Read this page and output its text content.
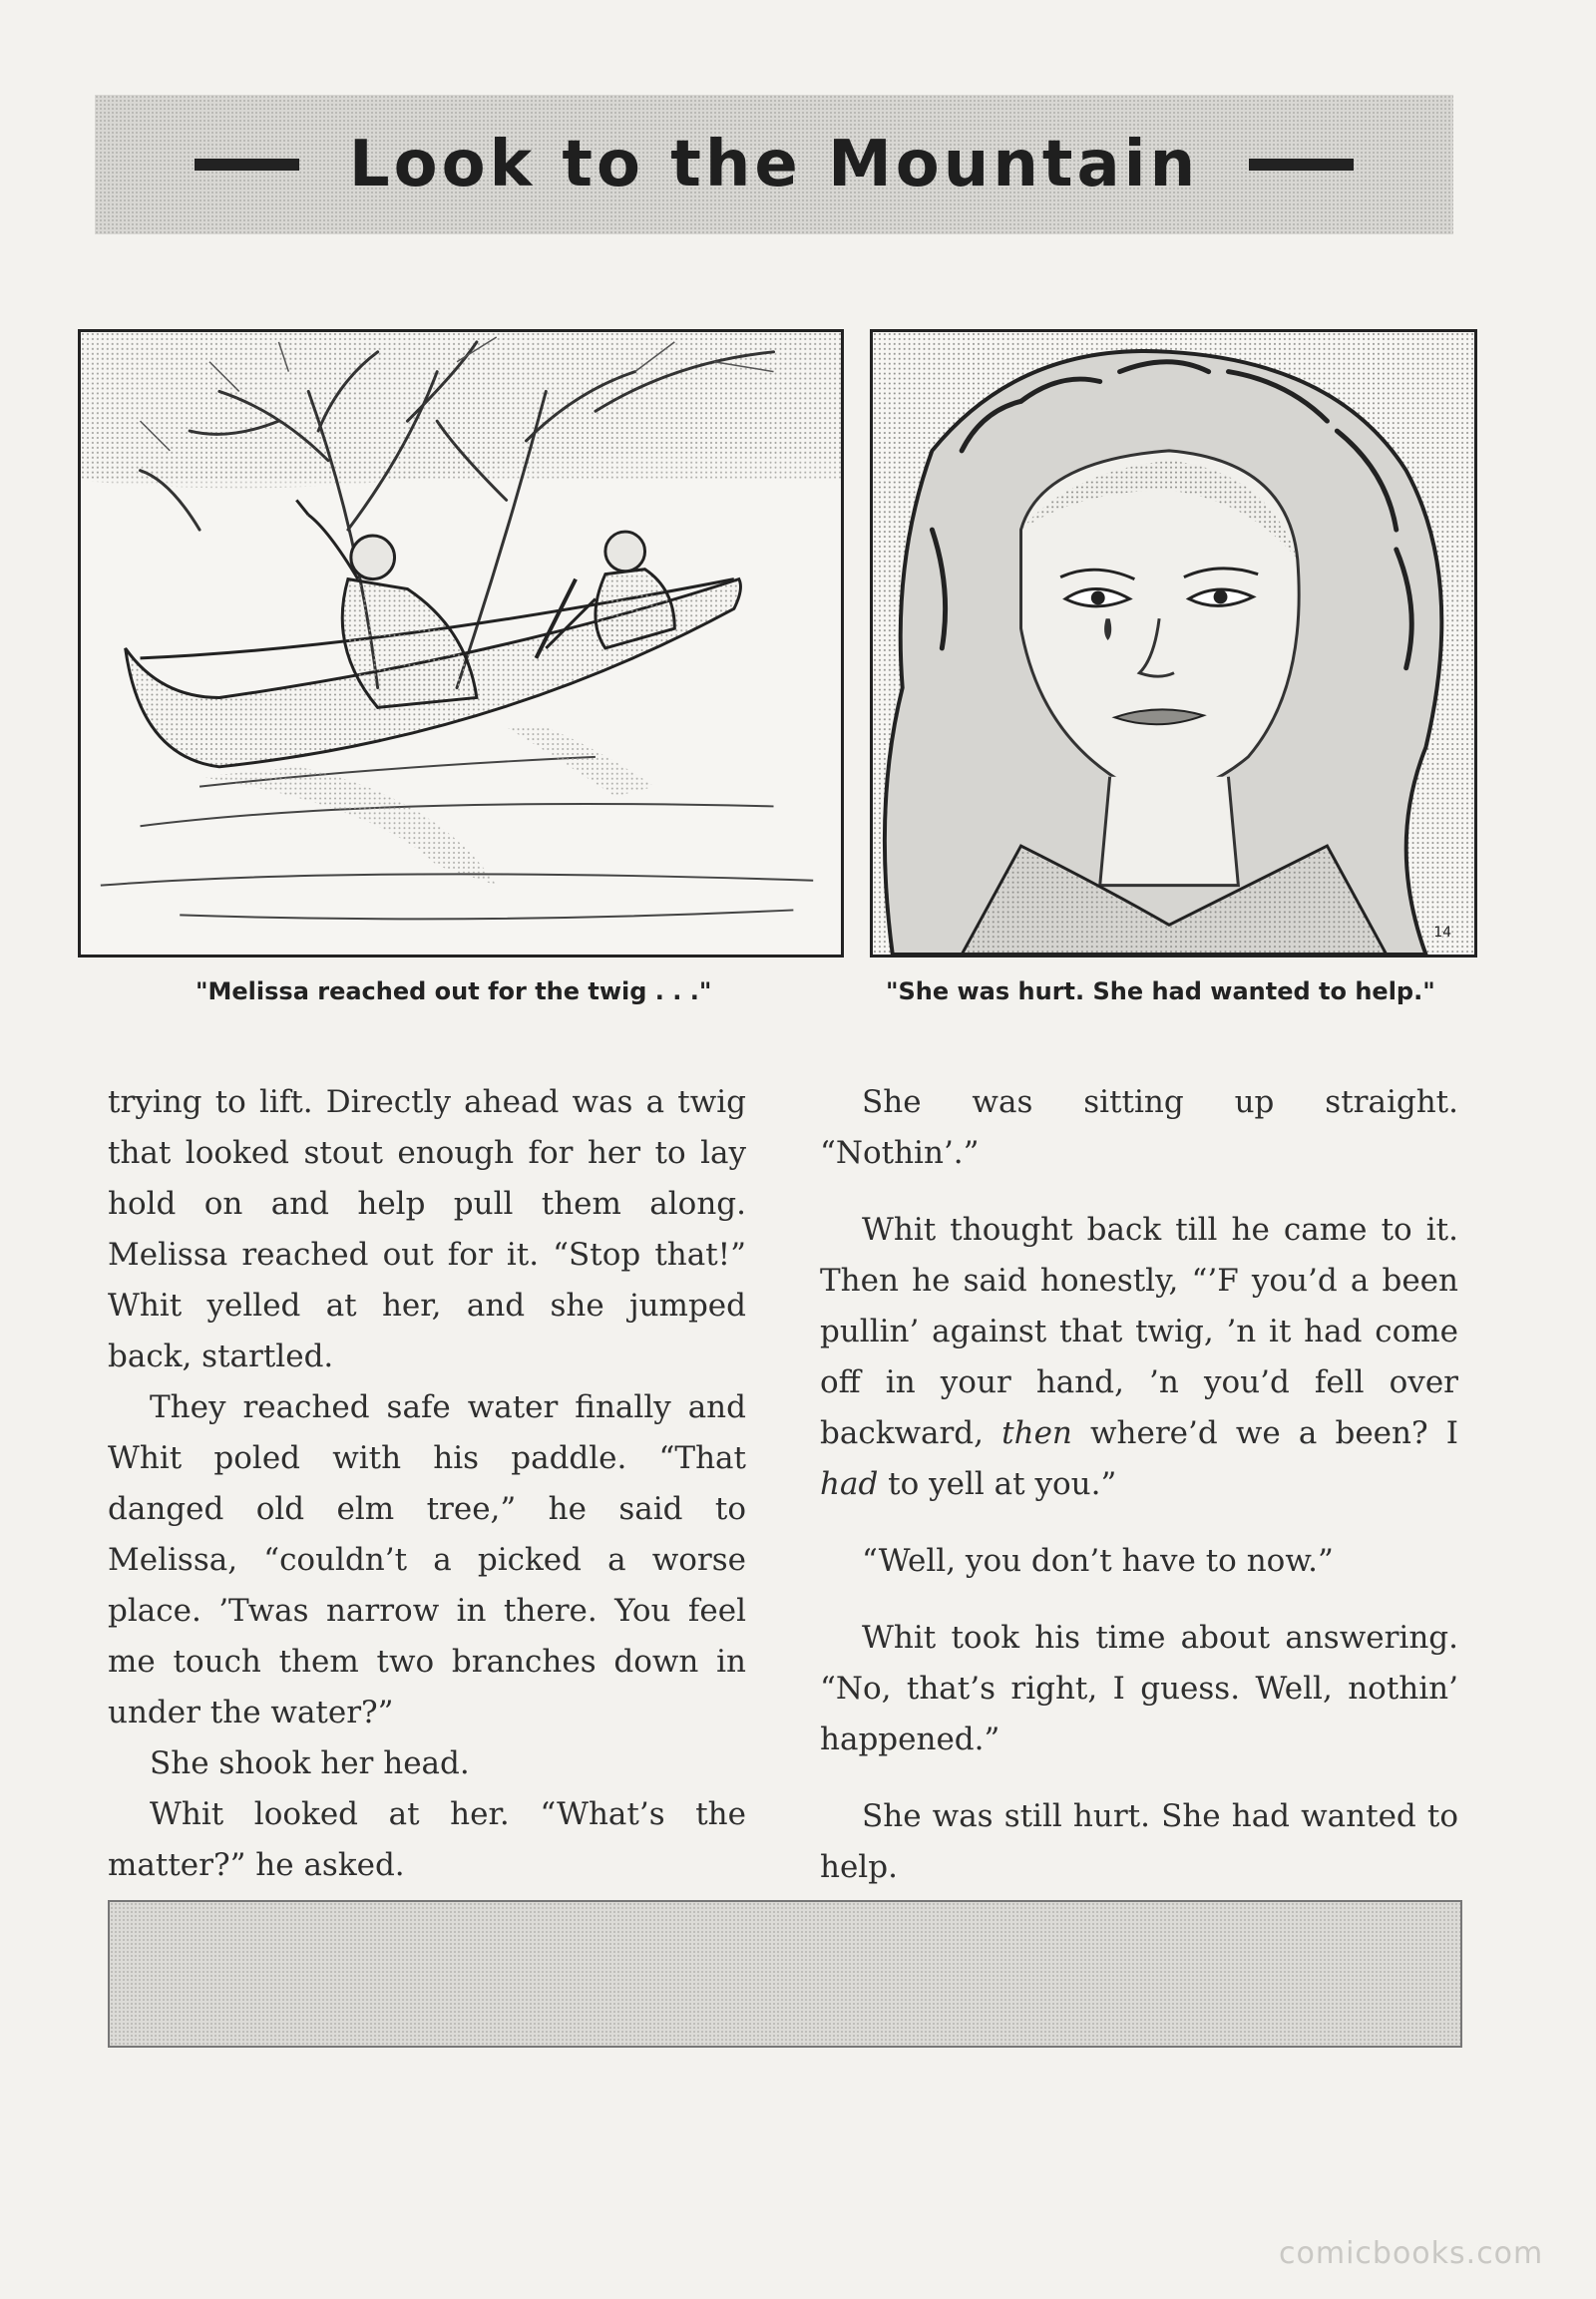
Look to the Mountain
14
"Melissa reached out for the twig . . ."	"She was hurt. She had wanted to help."

trying to lift. Directly ahead was a twig that looked stout enough for her to lay hold on and help pull them along. Melissa reached out for it. “Stop that!” Whit yelled at her, and she jumped back, startled.

They reached safe water finally and Whit poled with his paddle. “That danged old elm tree,” he said to Melissa, “couldn’t a picked a worse place. ’Twas narrow in there. You feel me touch them two branches down in under the water?”

She shook her head.

Whit looked at her. “What’s the matter?” he asked.

She was sitting up straight. “Nothin’.”

Whit thought back till he came to it. Then he said honestly, “’F you’d a been pullin’ against that twig, ’n it had come off in your hand, ’n you’d fell over backward, then where’d we a been? I had to yell at you.”

“Well, you don’t have to now.”

Whit took his time about answering. “No, that’s right, I guess. Well, nothin’ happened.”

She was still hurt. She had wanted to help.

comicbooks.com
